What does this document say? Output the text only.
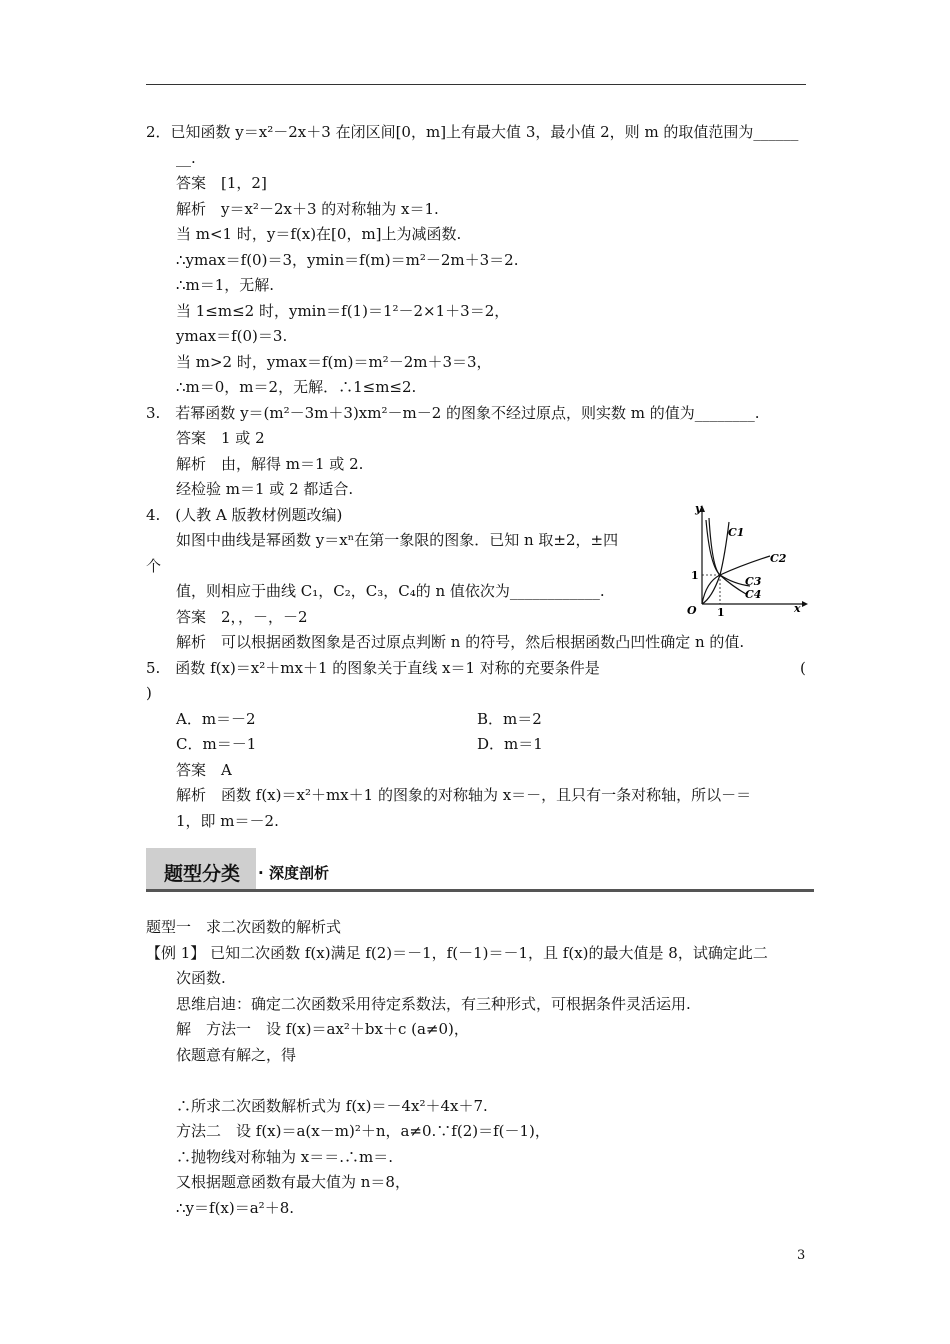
2．已知函数 y＝x²－2x＋3 在闭区间[0，m]上有最大值 3，最小值 2，则 m 的取值范围为______
__.
答案　[1，2]
解析　y＝x²－2x＋3 的对称轴为 x＝1.
当 m<1 时，y＝f(x)在[0，m]上为减函数.
∴ymax＝f(0)＝3，ymin＝f(m)＝m²－2m＋3＝2.
∴m＝1，无解.
当 1≤m≤2 时，ymin＝f(1)＝1²－2×1＋3＝2，
ymax＝f(0)＝3.
当 m>2 时，ymax＝f(m)＝m²－2m＋3＝3，
∴m＝0，m＝2，无解．∴1≤m≤2.
3.　若幂函数 y＝(m²－3m＋3)xm²－m－2 的图象不经过原点，则实数 m 的值为________.
答案　1 或 2
解析　由，解得 m＝1 或 2.
经检验 m＝1 或 2 都适合.
4.　(人教 A 版教材例题改编)
如图中曲线是幂函数 y＝xⁿ在第一象限的图象．已知 n 取±2，±四
个
值，则相应于曲线 C₁，C₂，C₃，C₄的 n 值依次为____________.
答案　2，，－，－2
解析　可以根据函数图象是否过原点判断 n 的符号，然后根据函数凸凹性确定 n 的值.
y
x
O
1
1
C1
C2
C3
C4
5.　函数 f(x)＝x²＋mx＋1 的图象关于直线 x＝1 对称的充要条件是	(
)
A．m＝－2	B．m＝2
C．m＝－1	D．m＝1
答案　A
解析　函数 f(x)＝x²＋mx＋1 的图象的对称轴为 x＝－，且只有一条对称轴，所以－＝
1，即 m＝－2.
题型分类 · 深度剖析
题型一　求二次函数的解析式
【例 1】 已知二次函数 f(x)满足 f(2)＝－1，f(－1)＝－1，且 f(x)的最大值是 8，试确定此二
次函数.
思维启迪：确定二次函数采用待定系数法，有三种形式，可根据条件灵活运用.
解　方法一　设 f(x)＝ax²＋bx＋c (a≠0)，
依题意有解之，得
∴所求二次函数解析式为 f(x)＝－4x²＋4x＋7.
方法二　设 f(x)＝a(x－m)²＋n，a≠0.∵f(2)＝f(－1)，
∴抛物线对称轴为 x＝＝.∴m＝.
又根据题意函数有最大值为 n＝8，
∴y＝f(x)＝a²＋8.
3
